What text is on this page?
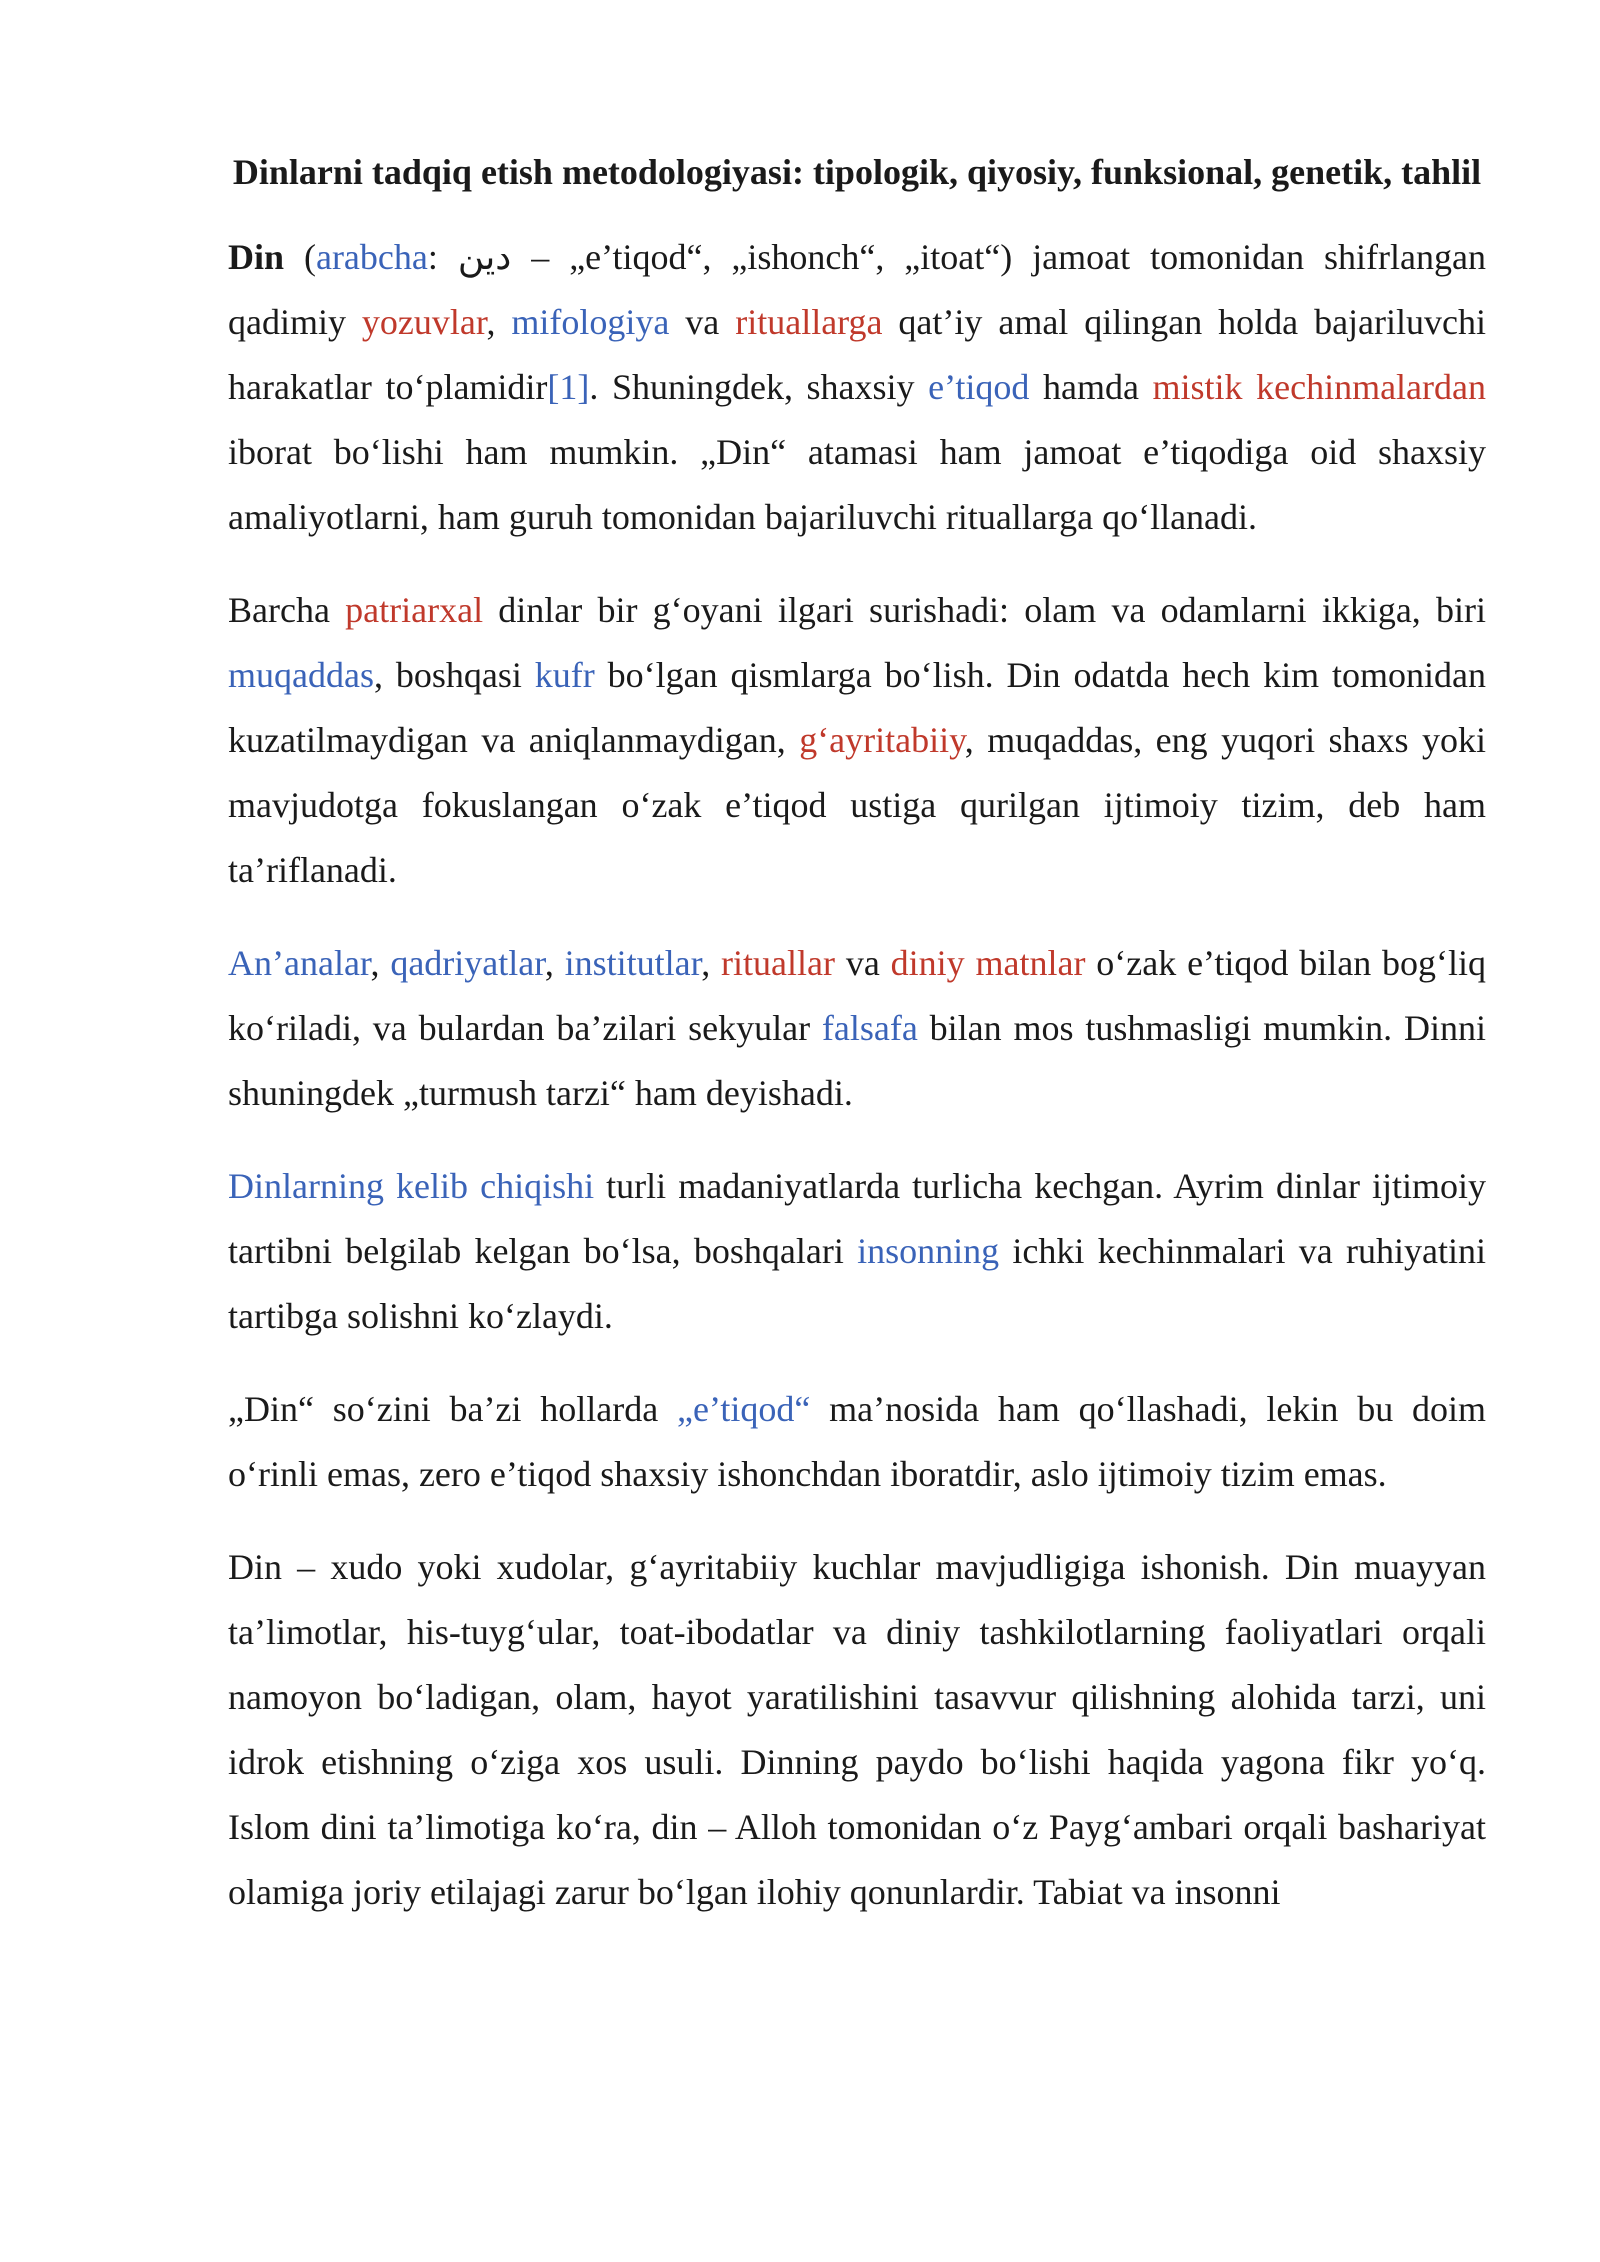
Dinlarni tadqiq etish metodologiyasi: tipologik, qiyosiy, funksional, genetik, tahlil

Din (arabcha: دين – „e’tiqod“, „ishonch“, „itoat“) jamoat tomonidan shifrlangan qadimiy yozuvlar, mifologiya va rituallarga qat’iy amal qilingan holda bajariluvchi harakatlar to‘plamidir[1]. Shuningdek, shaxsiy e’tiqod hamda mistik kechinmalardan iborat bo‘lishi ham mumkin. „Din“ atamasi ham jamoat e’tiqodiga oid shaxsiy amaliyotlarni, ham guruh tomonidan bajariluvchi rituallarga qo‘llanadi.

Barcha patriarxal dinlar bir g‘oyani ilgari surishadi: olam va odamlarni ikkiga, biri muqaddas, boshqasi kufr bo‘lgan qismlarga bo‘lish. Din odatda hech kim tomonidan kuzatilmaydigan va aniqlanmaydigan, g‘ayritabiiy, muqaddas, eng yuqori shaxs yoki mavjudotga fokuslangan o‘zak e’tiqod ustiga qurilgan ijtimoiy tizim, deb ham ta’riflanadi.

An’analar, qadriyatlar, institutlar, rituallar va diniy matnlar o‘zak e’tiqod bilan bog‘liq ko‘riladi, va bulardan ba’zilari sekyular falsafa bilan mos tushmasligi mumkin. Dinni shuningdek „turmush tarzi“ ham deyishadi.

Dinlarning kelib chiqishi turli madaniyatlarda turlicha kechgan. Ayrim dinlar ijtimoiy tartibni belgilab kelgan bo‘lsa, boshqalari insonning ichki kechinmalari va ruhiyatini tartibga solishni ko‘zlaydi.

„Din“ so‘zini ba’zi hollarda „e’tiqod“ ma’nosida ham qo‘llashadi, lekin bu doim o‘rinli emas, zero e’tiqod shaxsiy ishonchdan iboratdir, aslo ijtimoiy tizim emas.

Din – xudo yoki xudolar, g‘ayritabiiy kuchlar mavjudligiga ishonish. Din muayyan ta’limotlar, his-tuyg‘ular, toat-ibodatlar va diniy tashkilotlarning faoliyatlari orqali namoyon bo‘ladigan, olam, hayot yaratilishini tasavvur qilishning alohida tarzi, uni idrok etishning o‘ziga xos usuli. Dinning paydo bo‘lishi haqida yagona fikr yo‘q. Islom dini ta’limotiga ko‘ra, din – Alloh tomonidan o‘z Payg‘ambari orqali bashariyat olamiga joriy etilajagi zarur bo‘lgan ilohiy qonunlardir. Tabiat va insonni
